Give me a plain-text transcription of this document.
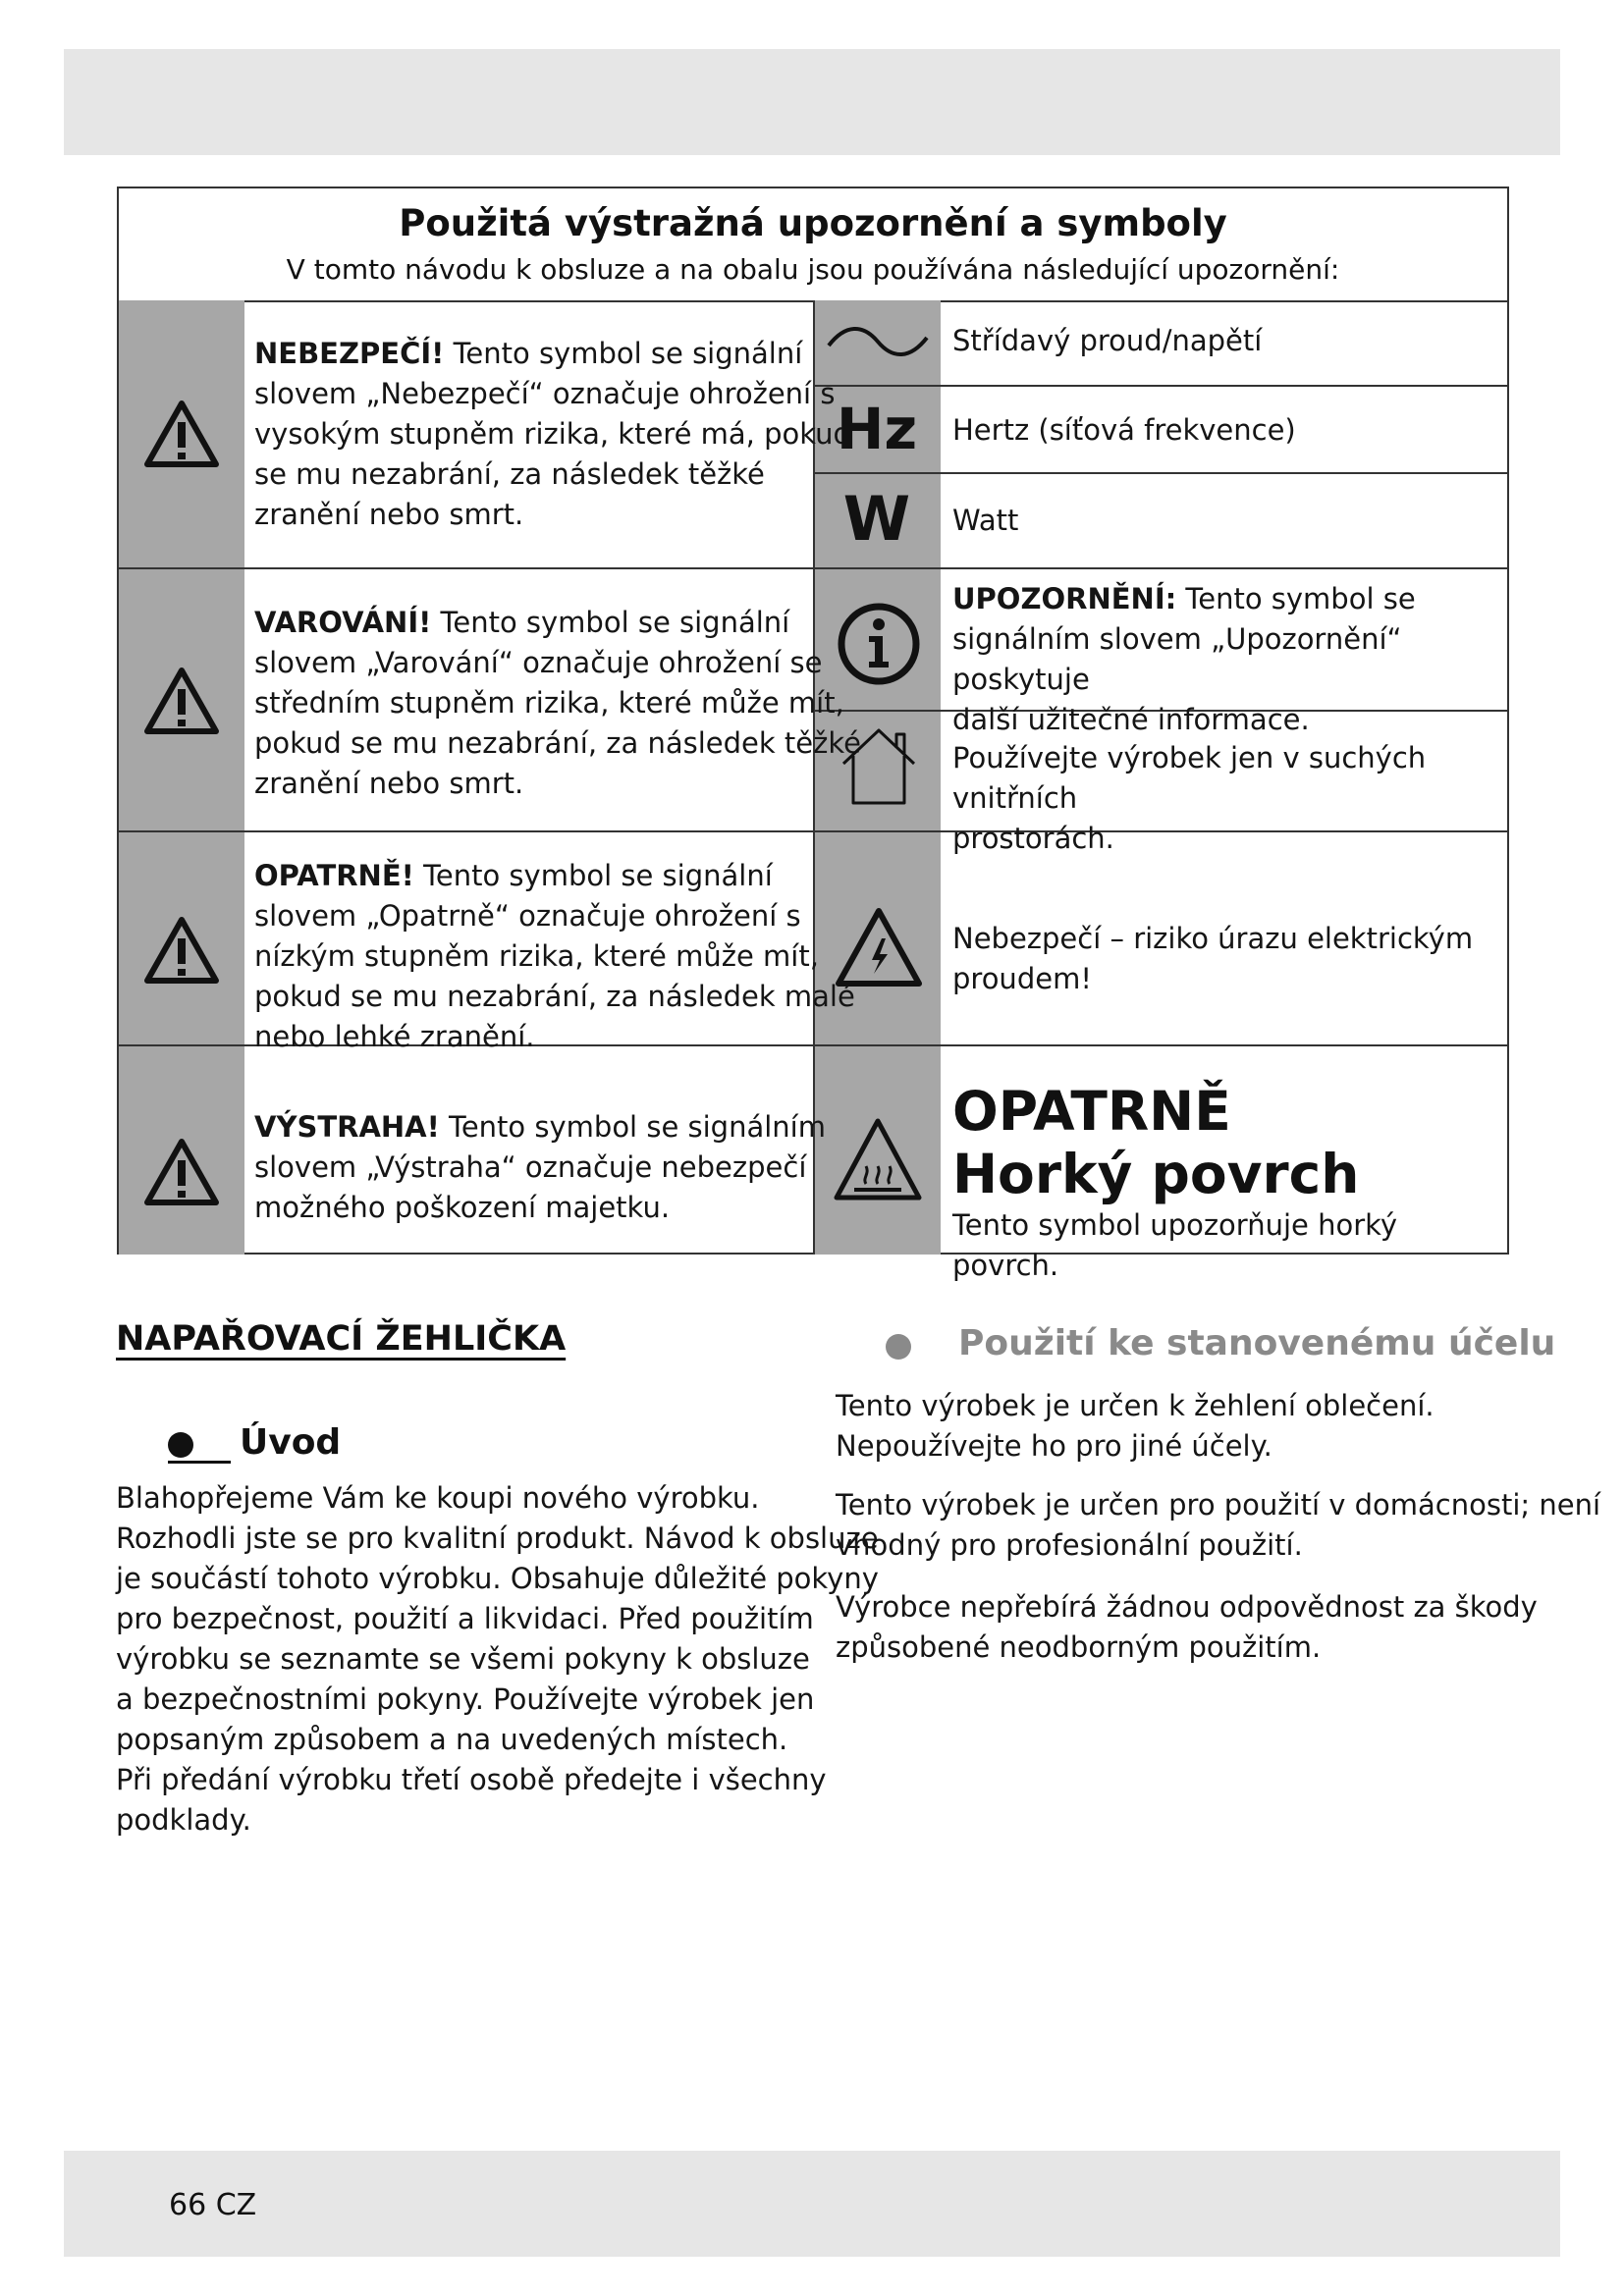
Použitá výstražná upozornění a symboly
V tomto návodu k obsluze a na obalu jsou používána následující upozornění:
NEBEZPEČÍ! Tento symbol se signální
slovem „Nebezpečí“ označuje ohrožení s
vysokým stupněm rizika, které má, pokud
se mu nezabrání, za následek těžké
zranění nebo smrt.
VAROVÁNÍ! Tento symbol se signální
slovem „Varování“ označuje ohrožení se
středním stupněm rizika, které může mít,
pokud se mu nezabrání, za následek těžké
zranění nebo smrt.
OPATRNĚ! Tento symbol se signální
slovem „Opatrně“ označuje ohrožení s
nízkým stupněm rizika, které může mít,
pokud se mu nezabrání, za následek malé
nebo lehké zranění.
VÝSTRAHA! Tento symbol se signálním
slovem „Výstraha“ označuje nebezpečí
možného poškození majetku.
Hz
W
Střídavý proud/napětí
Hertz (síťová frekvence)
Watt
UPOZORNĚNÍ: Tento symbol se
signálním slovem „Upozornění“ poskytuje
další užitečné informace.
Používejte výrobek jen v suchých vnitřních
prostorách.
Nebezpečí – riziko úrazu elektrickým
proudem!
OPATRNĚ
Horký povrch
Tento symbol upozorňuje horký povrch.
NAPAŘOVACÍ ŽEHLIČKA
Úvod
Blahopřejeme Vám ke koupi nového výrobku.
Rozhodli jste se pro kvalitní produkt. Návod k obsluze
je součástí tohoto výrobku. Obsahuje důležité pokyny
pro bezpečnost, použití a likvidaci. Před použitím
výrobku se seznamte se všemi pokyny k obsluze
a bezpečnostními pokyny. Používejte výrobek jen
popsaným způsobem a na uvedených místech.
Při předání výrobku třetí osobě předejte i všechny
podklady.
Použití ke stanovenému účelu
Tento výrobek je určen k žehlení oblečení.
Nepoužívejte ho pro jiné účely.
Tento výrobek je určen pro použití v domácnosti; není
vhodný pro profesionální použití.
Výrobce nepřebírá žádnou odpovědnost za škody
způsobené neodborným použitím.
66 CZ
